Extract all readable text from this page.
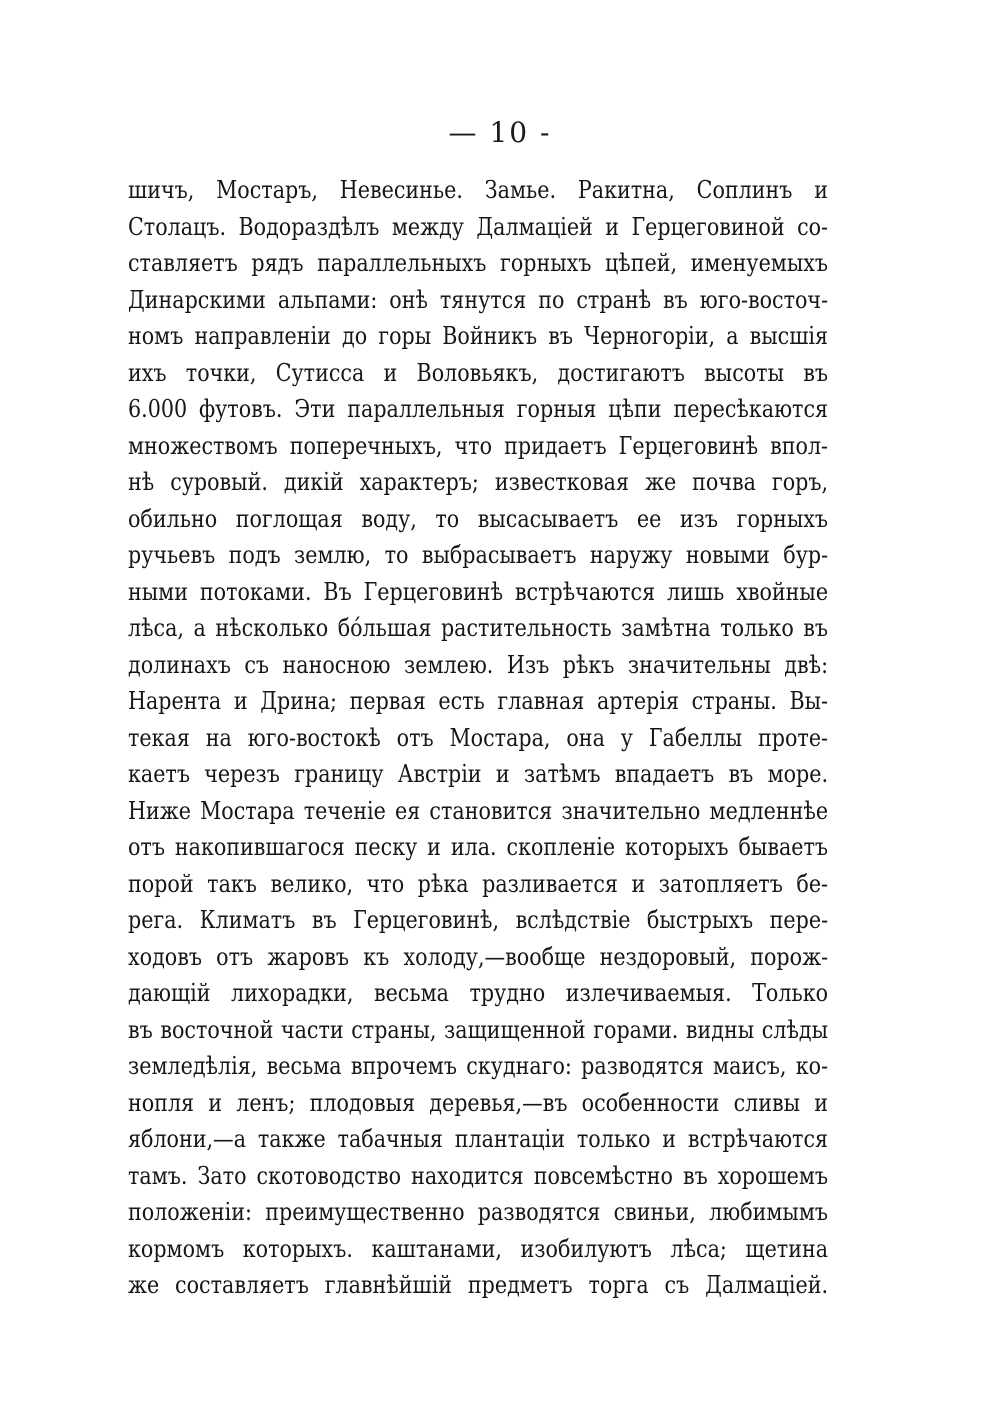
— 10 -
шичъ, Мостаръ, Невесинье. Замье. Ракитна, Соплинъ и
Столацъ. Водораздѣлъ между Далмаціей и Герцеговиной со-
ставляетъ рядъ параллельныхъ горныхъ цѣпей, именуемыхъ
Динарскими альпами: онѣ тянутся по странѣ въ юго-восточ-
номъ направленіи до горы Войникъ въ Черногоріи, а высшія
ихъ точки, Сутисса и Воловьякъ, достигаютъ высоты въ
6.000 футовъ. Эти параллельныя горныя цѣпи пересѣкаются
множествомъ поперечныхъ, что придаетъ Герцеговинѣ впол-
нѣ суровый. дикій характеръ; известковая же почва горъ,
обильно поглощая воду, то высасываетъ ее изъ горныхъ
ручьевъ подъ землю, то выбрасываетъ наружу новыми бур-
ными потоками. Въ Герцеговинѣ встрѣчаются лишь хвойные
лѣса, а нѣсколько бо́льшая растительность замѣтна только въ
долинахъ съ наносною землею. Изъ рѣкъ значительны двѣ:
Нарента и Дрина; первая есть главная артерія страны. Вы-
текая на юго-востокѣ отъ Мостара, она у Габеллы проте-
каетъ черезъ границу Австріи и затѣмъ впадаетъ въ море.
Ниже Мостара теченіе ея становится значительно медленнѣе
отъ накопившагося песку и ила. скопленіе которыхъ бываетъ
порой такъ велико, что рѣка разливается и затопляетъ бе-
рега. Климатъ въ Герцеговинѣ, вслѣдствіе быстрыхъ пере-
ходовъ отъ жаровъ къ холоду,—вообще нездоровый, порож-
дающій лихорадки, весьма трудно излечиваемыя. Только
въ восточной части страны, защищенной горами. видны слѣды
земледѣлія, весьма впрочемъ скуднаго: разводятся маисъ, ко-
нопля и ленъ; плодовыя деревья,—въ особенности сливы и
яблони,—а также табачныя плантаціи только и встрѣчаются
тамъ. Зато скотоводство находится повсемѣстно въ хорошемъ
положеніи: преимущественно разводятся свиньи, любимымъ
кормомъ которыхъ. каштанами, изобилуютъ лѣса; щетина
же составляетъ главнѣйшій предметъ торга съ Далмаціей.
